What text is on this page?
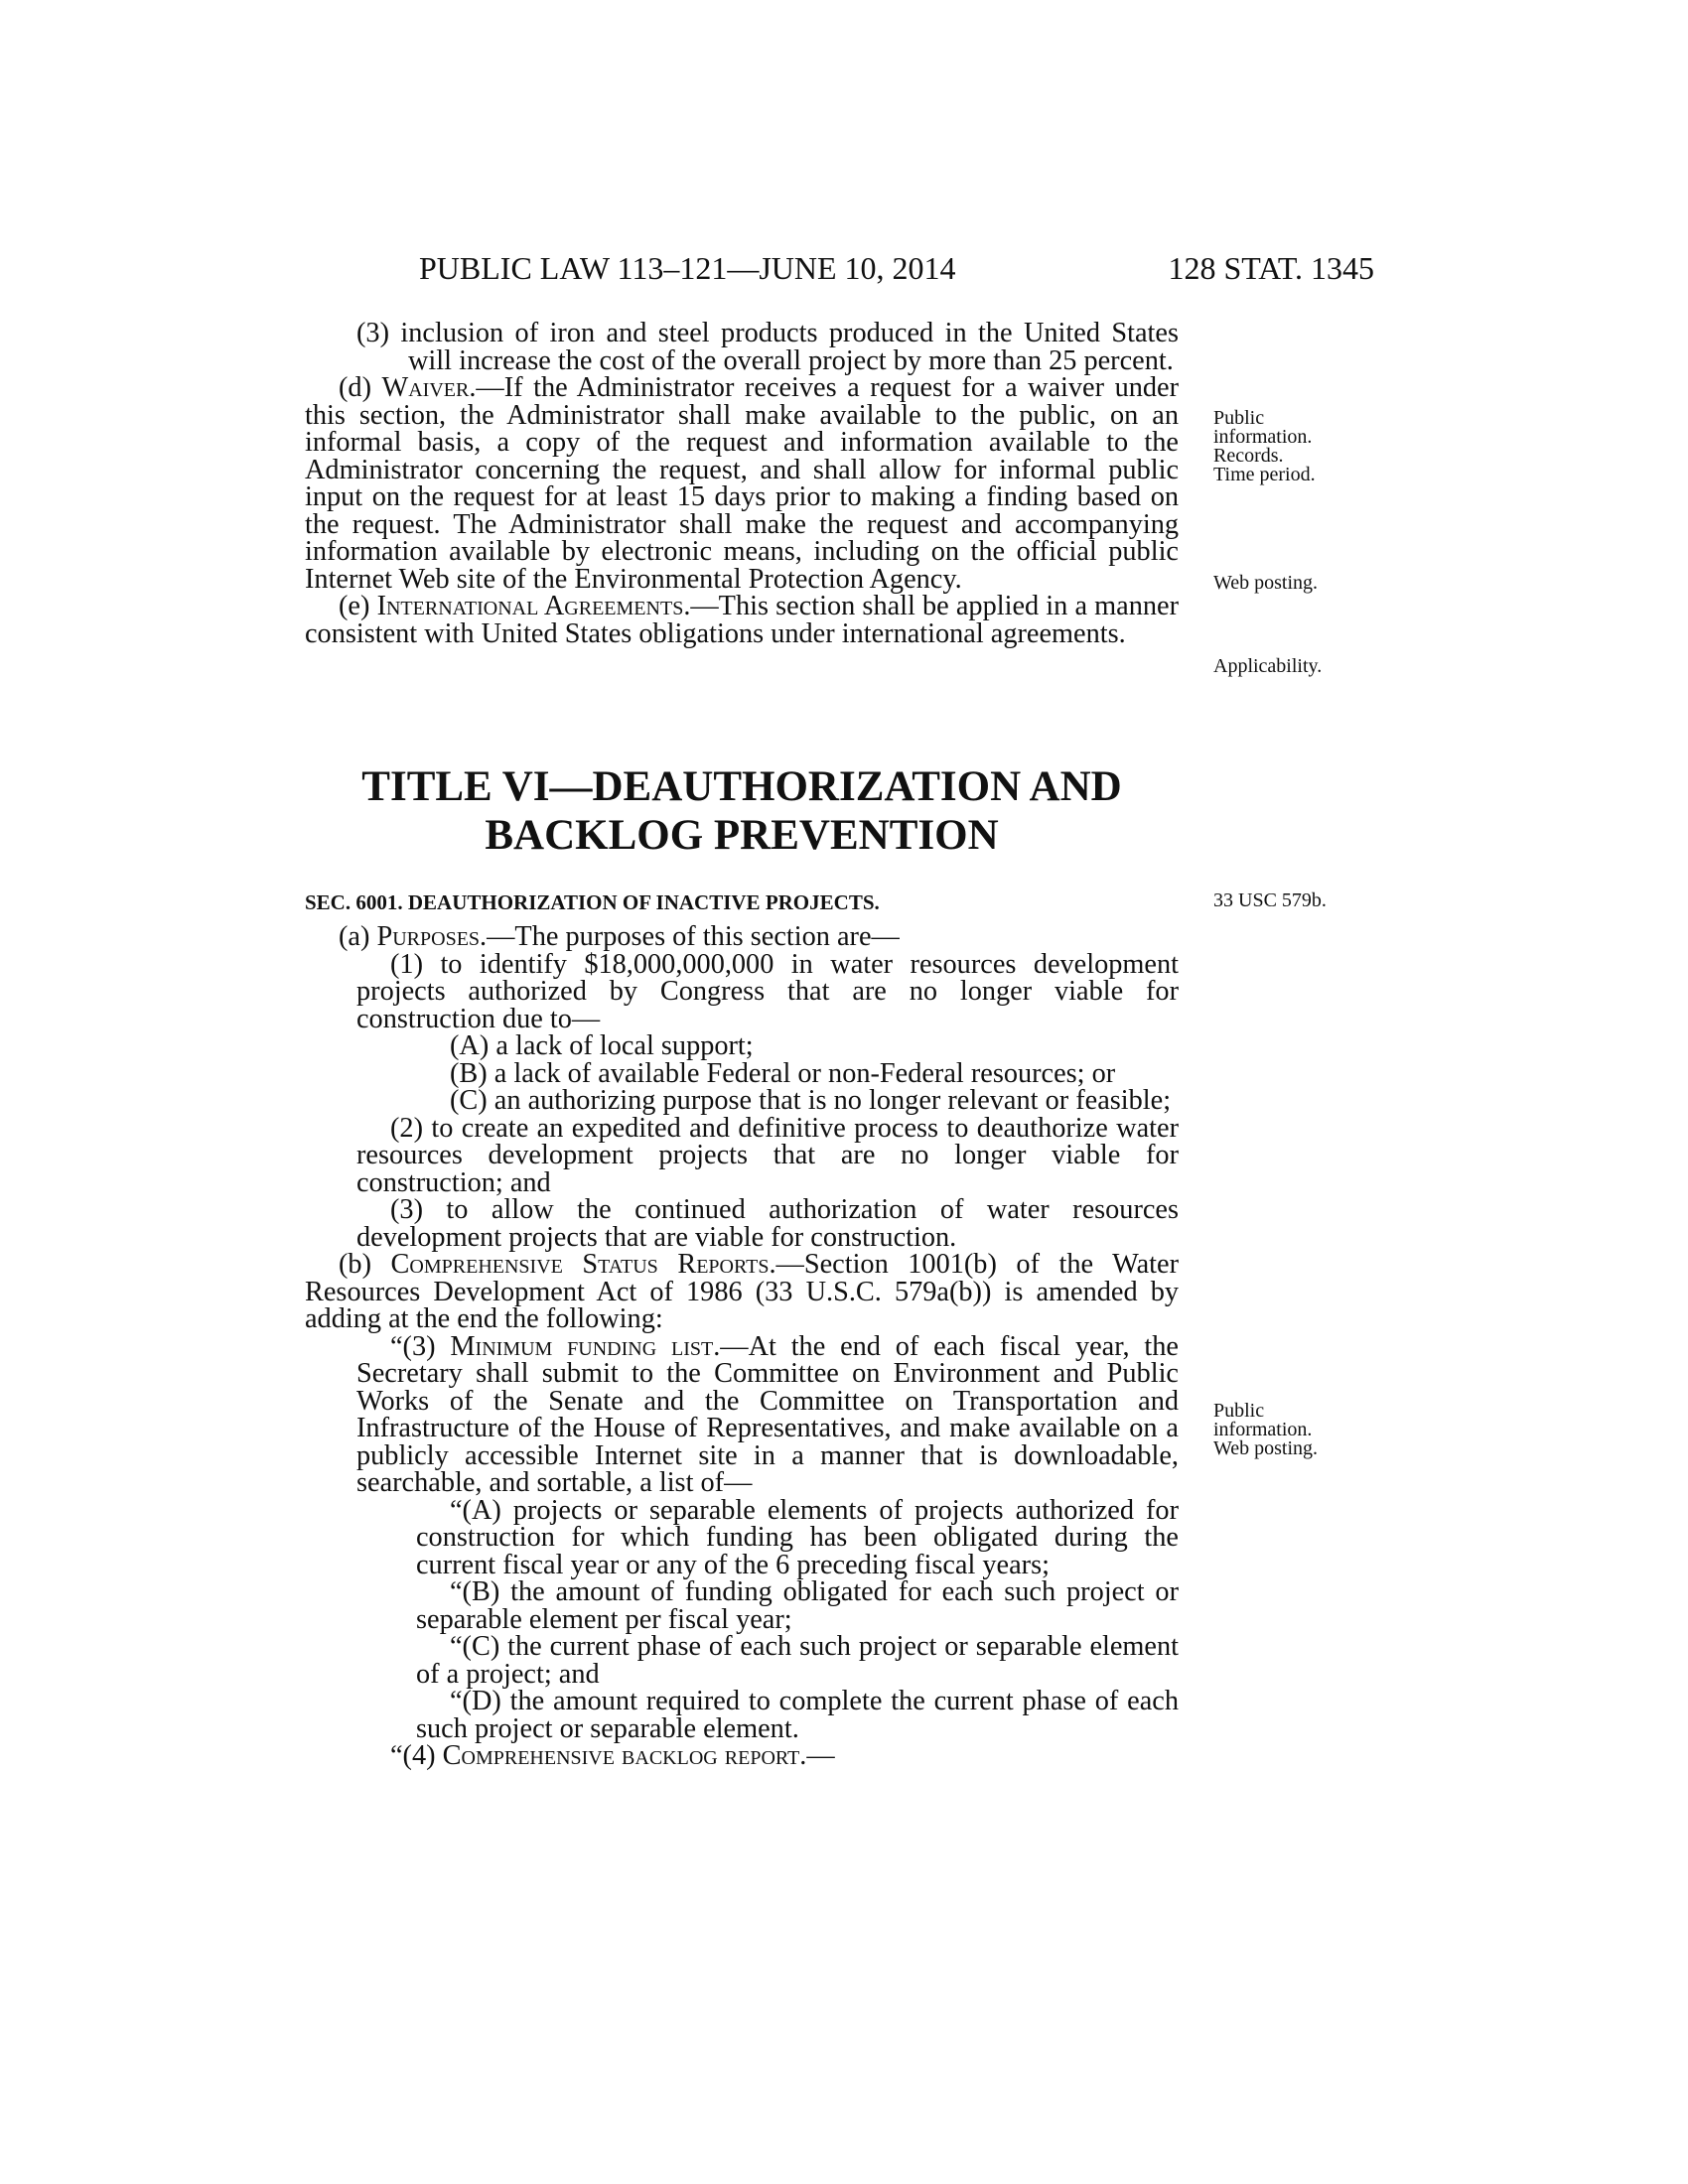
PUBLIC LAW 113–121—JUNE 10, 2014	128 STAT. 1345

(3) inclusion of iron and steel products produced in the United States will increase the cost of the overall project by more than 25 percent.

(d) Waiver.—If the Administrator receives a request for a waiver under this section, the Administrator shall make available to the public, on an informal basis, a copy of the request and information available to the Administrator concerning the request, and shall allow for informal public input on the request for at least 15 days prior to making a finding based on the request. The Administrator shall make the request and accompanying information available by electronic means, including on the official public Internet Web site of the Environmental Protection Agency.

(e) International Agreements.—This section shall be applied in a manner consistent with United States obligations under international agreements.

TITLE VI—DEAUTHORIZATION AND
BACKLOG PREVENTION
SEC. 6001. DEAUTHORIZATION OF INACTIVE PROJECTS.

(a) Purposes.—The purposes of this section are—

(1) to identify $18,000,000,000 in water resources development projects authorized by Congress that are no longer viable for construction due to—

(A) a lack of local support;

(B) a lack of available Federal or non-Federal resources; or

(C) an authorizing purpose that is no longer relevant or feasible;

(2) to create an expedited and definitive process to deauthorize water resources development projects that are no longer viable for construction; and

(3) to allow the continued authorization of water resources development projects that are viable for construction.

(b) Comprehensive Status Reports.—Section 1001(b) of the Water Resources Development Act of 1986 (33 U.S.C. 579a(b)) is amended by adding at the end the following:

“(3) Minimum funding list.—At the end of each fiscal year, the Secretary shall submit to the Committee on Environment and Public Works of the Senate and the Committee on Transportation and Infrastructure of the House of Representatives, and make available on a publicly accessible Internet site in a manner that is downloadable, searchable, and sortable, a list of—

“(A) projects or separable elements of projects authorized for construction for which funding has been obligated during the current fiscal year or any of the 6 preceding fiscal years;

“(B) the amount of funding obligated for each such project or separable element per fiscal year;

“(C) the current phase of each such project or separable element of a project; and

“(D) the amount required to complete the current phase of each such project or separable element.

“(4) Comprehensive backlog report.—

Public
information.
Records.
Time period.
Web posting.
Applicability.
33 USC 579b.
Public
information.
Web posting.
